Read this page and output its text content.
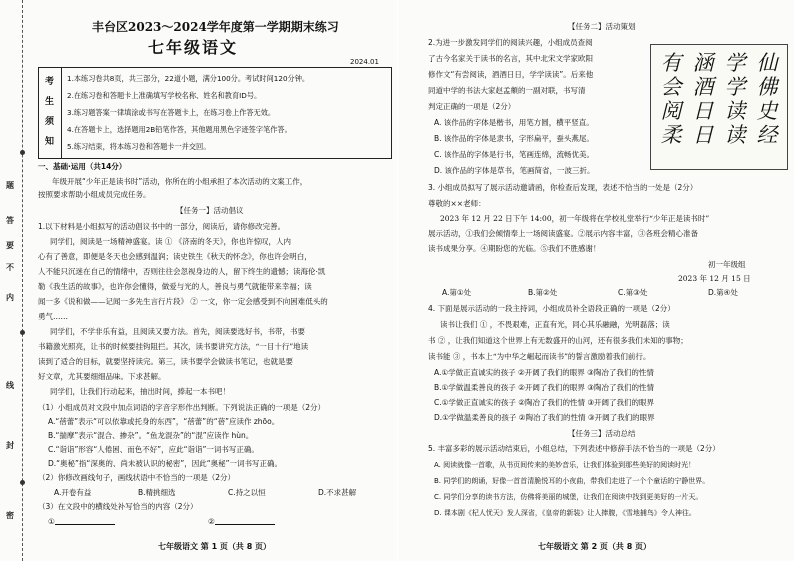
题
答
要
不
内
线
封
密
丰台区2023～2024学年度第一学期期末练习
七年级语文
2024.01
考
生
须
知
1.本练习卷共8页，共三部分，22道小题，满分100分。考试时间120分钟。
2.在练习卷和答题卡上准确填写学校名称、姓名和教育ID号。
3.练习题答案一律填涂或书写在答题卡上，在练习卷上作答无效。
4.在答题卡上，选择题用2B铅笔作答，其他题用黑色字迹签字笔作答。
5.练习结束，将本练习卷和答题卡一并交回。
一、基础·运用（共14分）
年级开展“少年正是读书时”活动，你所在的小组承担了本次活动的文案工作，
按照要求帮助小组成员完成任务。
【任务一】活动倡议
1.以下材料是小组拟写的活动倡议书中的一部分，阅读后，请你修改完善。
同学们，阅读是一场精神盛宴。读 ① 《济南的冬天》，你也许惊叹，人内
心有了善意，即便是冬天也会感到温润；读史铁生《秋天的怀念》，你也许会明白，
人不能只沉迷在自己的情绪中，否则往往会忽视身边的人，留下终生的遗憾；读海伦·凯
勒《我生活的故事》，也许你会懂得，做爱与光的人，善良与勇气就能带来幸福；读
闻一多《说和做——记闻一多先生言行片段》 ② 一文，你一定会感受到不向困难低头的
勇气……
同学们，不学非乐有益，且阅读又要方法。首先，阅读要选好书，书带，书要
书籍激光照亮，让书的时候要挂钩阻拦。其次，读书要讲究方法，“一目十行”地读
读到了适合的目标，就要坚持读完。第三，读书要学会做读书笔记，也就是要
好文章，尤其要细细品味。下求甚解。
同学们，让我们行动起来，抽出时间，捧起一本书吧！
（1）小组成员对文段中加点词语的字音字形作出判断。下列说法正确的一项是（2分）
A.“蓓蕾”表示“可以依靠或托身的东西”，“蓓蕾”的“蓓”应读作 zhōo。
B.“揣摩”表示“混合、掺杂”。“鱼龙混杂”的“混”应读作 hùn。
C.“诣诣”形容“人倦困、而色不好”，应此“诣诣”一词书写正确。
D.“奥秘”指“深奥的、尚未被认识的秘密”，因此“奥秘”一词书写正确。
（2）你修改画线句子，画线状语中不恰当的一项是（2分）
A.开卷有益	B.精挑细选	C.持之以恒	D.不求甚解
（3）在文段中的横线处补写恰当的内容（2分）
①	②
七年级语文 第 1 页（共 8 页）
【任务二】活动策划
2.为进一步激发同学们的阅读兴趣，小组成员查阅
了古今名家关于读书的名言，其中北宋文学家欧阳
修作文“有尝阅读，酒酒日日，学学读读”。后来他
同道中学的书法大家赵孟頫的一副对联，书写清
判定正确的一项是（2分）
A. 该作品的字体是楷书，用笔方圆，横平竖直。
B. 该作品的字体是隶书，字形扁平，蚕头燕尾。
C. 该作品的字体是行书，笔画连绵，流畅优美。
D. 该作品的字体是草书，笔画简省，一波三折。
有
会
阅
柔
涵
酒
日
日
学
学
读
读
仙
佛
史
经
3. 小组成员拟写了展示活动邀请函，你检查后发现，表述不恰当的一处是（2分）
尊敬的××老师：
2023 年 12 月 22 日下午 14:00，初一年级将在学校礼堂举行“少年正是读书时”
展示活动，①我们会倾情奉上一场阅读盛宴。②展示内容丰富，③各班会精心准备
读书成果分享。④期盼您的光临。⑤我们不胜感谢！
初一年级组
2023 年 12 月 15 日
A.第①处	B.第②处	C.第③处	D.第④处
4. 下面是展示活动的一段主持词，小组成员补全语段正确的一项是（2分）
读书让我们 ① ，不畏艰难，正直有光，同心其乐融融，光明磊落；读
书 ② ，让我们知道这个世界上有无数盛开的山河，还有很多我们未知的事物；
读书能 ③ ，书本上“为中华之崛起而读书”的誓言激励着我们前行。
A.①学做正直诚实的孩子 ②开阔了我们的眼界 ③陶冶了我们的性情
B.①学做温柔善良的孩子 ②开阔了我们的眼界 ③陶冶了我们的性情
C.①学做正直诚实的孩子 ②陶冶了我们的性情 ③开阔了我们的眼界
D.①学做温柔善良的孩子 ②陶冶了我们的性情 ③开阔了我们的眼界
【任务三】活动总结
5. 丰富多彩的展示活动结束后，小组总结，下列表述中修辞手法不恰当的一项是（2分）
A. 阅读就像一首歌，从书页间传来的美妙音乐，让我们体验到那些美好的阅读时光！
B. 同学们的朗诵，好像一首首清脆悦耳的小夜曲，带我们走进了一个个童话的宁静世界。
C. 同学们分享的读书方法，仿佛将美丽的城堡，让我们在阅读中找到更美好的一片天。
D. 课本剧《杞人忧天》发人深省，《皇帝的新装》让人捧腹，《雪地捕鸟》令人神往。
七年级语文 第 2 页（共 8 页）
